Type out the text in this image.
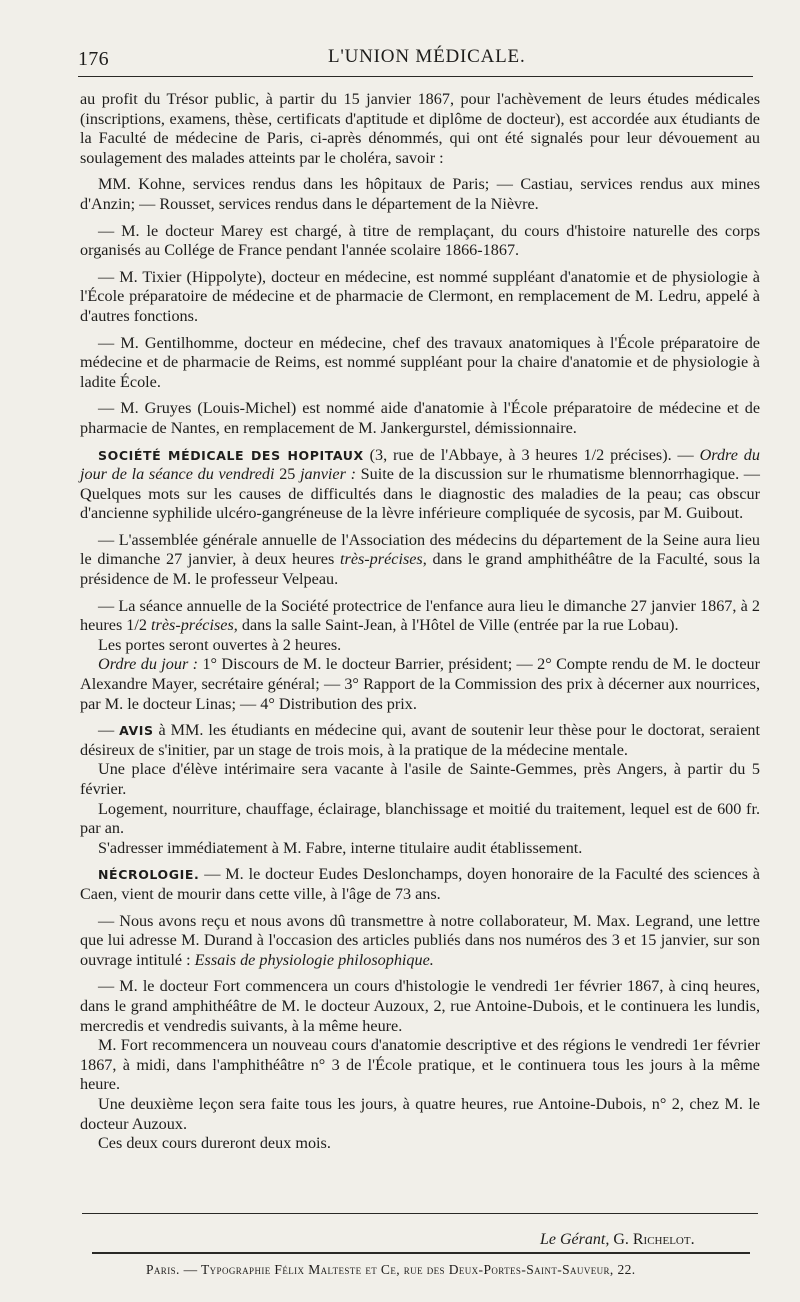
176	L'UNION MÉDICALE.

au profit du Trésor public, à partir du 15 janvier 1867, pour l'achèvement de leurs études médicales (inscriptions, examens, thèse, certificats d'aptitude et diplôme de docteur), est accordée aux étudiants de la Faculté de médecine de Paris, ci-après dénommés, qui ont été signalés pour leur dévouement au soulagement des malades atteints par le choléra, savoir :

MM. Kohne, services rendus dans les hôpitaux de Paris; — Castiau, services rendus aux mines d'Anzin; — Rousset, services rendus dans le département de la Nièvre.

— M. le docteur Marey est chargé, à titre de remplaçant, du cours d'histoire naturelle des corps organisés au Collége de France pendant l'année scolaire 1866-1867.

— M. Tixier (Hippolyte), docteur en médecine, est nommé suppléant d'anatomie et de physiologie à l'École préparatoire de médecine et de pharmacie de Clermont, en remplacement de M. Ledru, appelé à d'autres fonctions.

— M. Gentilhomme, docteur en médecine, chef des travaux anatomiques à l'École préparatoire de médecine et de pharmacie de Reims, est nommé suppléant pour la chaire d'anatomie et de physiologie à ladite École.

— M. Gruyes (Louis-Michel) est nommé aide d'anatomie à l'École préparatoire de médecine et de pharmacie de Nantes, en remplacement de M. Jankergurstel, démissionnaire.

SOCIÉTÉ MÉDICALE DES HOPITAUX (3, rue de l'Abbaye, à 3 heures 1/2 précises). — Ordre du jour de la séance du vendredi 25 janvier : Suite de la discussion sur le rhumatisme blennorrhagique. — Quelques mots sur les causes de difficultés dans le diagnostic des maladies de la peau; cas obscur d'ancienne syphilide ulcéro-gangréneuse de la lèvre inférieure compliquée de sycosis, par M. Guibout.

— L'assemblée générale annuelle de l'Association des médecins du département de la Seine aura lieu le dimanche 27 janvier, à deux heures très-précises, dans le grand amphithéâtre de la Faculté, sous la présidence de M. le professeur Velpeau.

— La séance annuelle de la Société protectrice de l'enfance aura lieu le dimanche 27 janvier 1867, à 2 heures 1/2 très-précises, dans la salle Saint-Jean, à l'Hôtel de Ville (entrée par la rue Lobau).

Les portes seront ouvertes à 2 heures.

Ordre du jour : 1° Discours de M. le docteur Barrier, président; — 2° Compte rendu de M. le docteur Alexandre Mayer, secrétaire général; — 3° Rapport de la Commission des prix à décerner aux nourrices, par M. le docteur Linas; — 4° Distribution des prix.

— AVIS à MM. les étudiants en médecine qui, avant de soutenir leur thèse pour le doctorat, seraient désireux de s'initier, par un stage de trois mois, à la pratique de la médecine mentale.

Une place d'élève intérimaire sera vacante à l'asile de Sainte-Gemmes, près Angers, à partir du 5 février.

Logement, nourriture, chauffage, éclairage, blanchissage et moitié du traitement, lequel est de 600 fr. par an.

S'adresser immédiatement à M. Fabre, interne titulaire audit établissement.

NÉCROLOGIE. — M. le docteur Eudes Deslonchamps, doyen honoraire de la Faculté des sciences à Caen, vient de mourir dans cette ville, à l'âge de 73 ans.

— Nous avons reçu et nous avons dû transmettre à notre collaborateur, M. Max. Legrand, une lettre que lui adresse M. Durand à l'occasion des articles publiés dans nos numéros des 3 et 15 janvier, sur son ouvrage intitulé : Essais de physiologie philosophique.

— M. le docteur Fort commencera un cours d'histologie le vendredi 1er février 1867, à cinq heures, dans le grand amphithéâtre de M. le docteur Auzoux, 2, rue Antoine-Dubois, et le continuera les lundis, mercredis et vendredis suivants, à la même heure.

M. Fort recommencera un nouveau cours d'anatomie descriptive et des régions le vendredi 1er février 1867, à midi, dans l'amphithéâtre n° 3 de l'École pratique, et le continuera tous les jours à la même heure.

Une deuxième leçon sera faite tous les jours, à quatre heures, rue Antoine-Dubois, n° 2, chez M. le docteur Auzoux.

Ces deux cours dureront deux mois.

Le Gérant, G. Richelot.
Paris. — Typographie Félix Malteste et Ce, rue des Deux-Portes-Saint-Sauveur, 22.
